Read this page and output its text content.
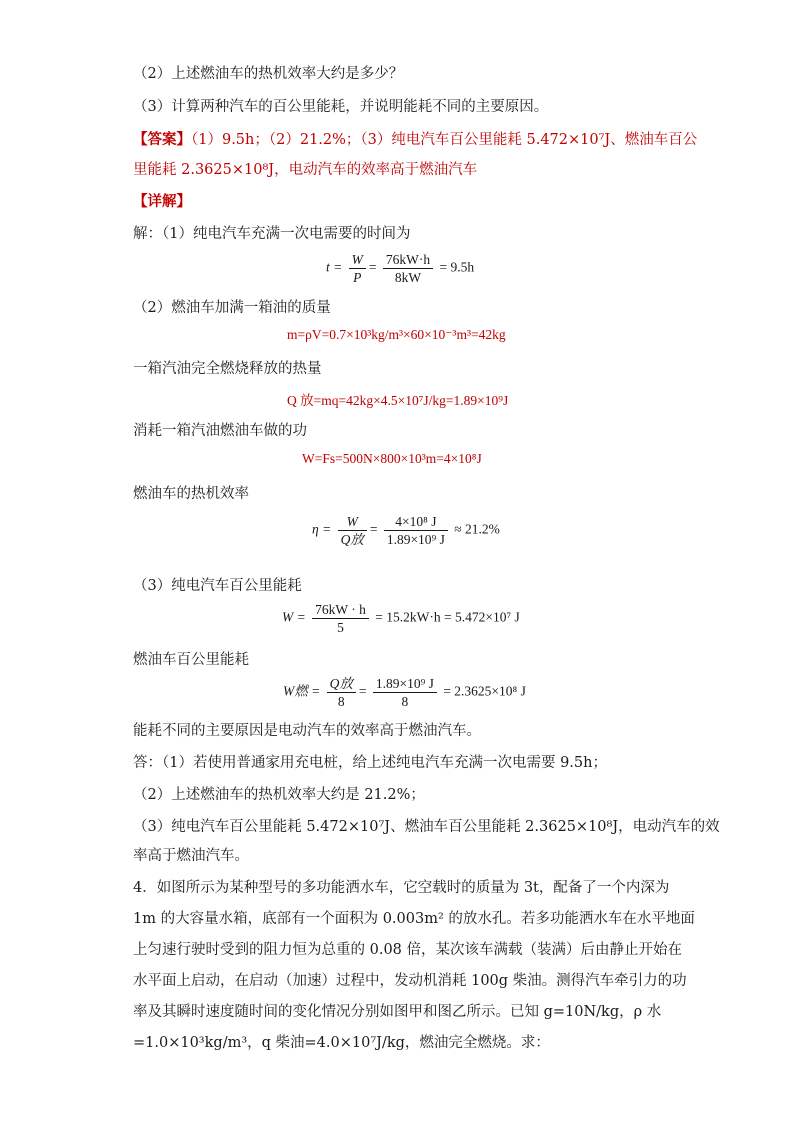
（2）上述燃油车的热机效率大约是多少？
（3）计算两种汽车的百公里能耗，并说明能耗不同的主要原因。
【答案】（1）9.5h；（2）21.2%；（3）纯电汽车百公里能耗 5.472×10⁷J、燃油车百公
里能耗 2.3625×10⁸J，电动汽车的效率高于燃油汽车
【详解】
解：（1）纯电汽车充满一次电需要的时间为
$t = \frac{W}{P} = \frac{76kW\cdot h}{8kW} = 9.5h$
（2）燃油车加满一箱油的质量
m=ρV=0.7×10³kg/m³×60×10⁻³m³=42kg
一箱汽油完全燃烧释放的热量
Q 放=mq=42kg×4.5×10⁷J/kg=1.89×10⁹J
消耗一箱汽油燃油车做的功
W=Fs=500N×800×10³m=4×10⁸J
燃油车的热机效率
$\eta = \frac{W}{\text{Q放}} = \frac{\text{4×10⁸ J}}{\text{1.89×10⁹ J}} \approx 21.2\%$
（3）纯电汽车百公里能耗
$W = \frac{76kW \cdot h}{5} = 15.2kW\cdot h = 5.472\times 10^7$ J
燃油车百公里能耗
W燃 = $\frac{\text{Q放}}{8} = \frac{\text{1.89×10⁹ J}}{8} = 2.3625\times 10^8$ J
能耗不同的主要原因是电动汽车的效率高于燃油汽车。
答：（1）若使用普通家用充电桩，给上述纯电汽车充满一次电需要 9.5h；
（2）上述燃油车的热机效率大约是 21.2%；
（3）纯电汽车百公里能耗 5.472×10⁷J、燃油车百公里能耗 2.3625×10⁸J，电动汽车的效
率高于燃油汽车。
4．如图所示为某种型号的多功能洒水车，它空载时的质量为 3t，配备了一个内深为
1m 的大容量水箱，底部有一个面积为 0.003m² 的放水孔。若多功能洒水车在水平地面
上匀速行驶时受到的阻力恒为总重的 0.08 倍，某次该车满载（装满）后由静止开始在
水平面上启动，在启动（加速）过程中，发动机消耗 100g 柴油。测得汽车牵引力的功
率及其瞬时速度随时间的变化情况分别如图甲和图乙所示。已知 g=10N/kg，ρ 水
=1.0×10³kg/m³，q 柴油=4.0×10⁷J/kg，燃油完全燃烧。求：
